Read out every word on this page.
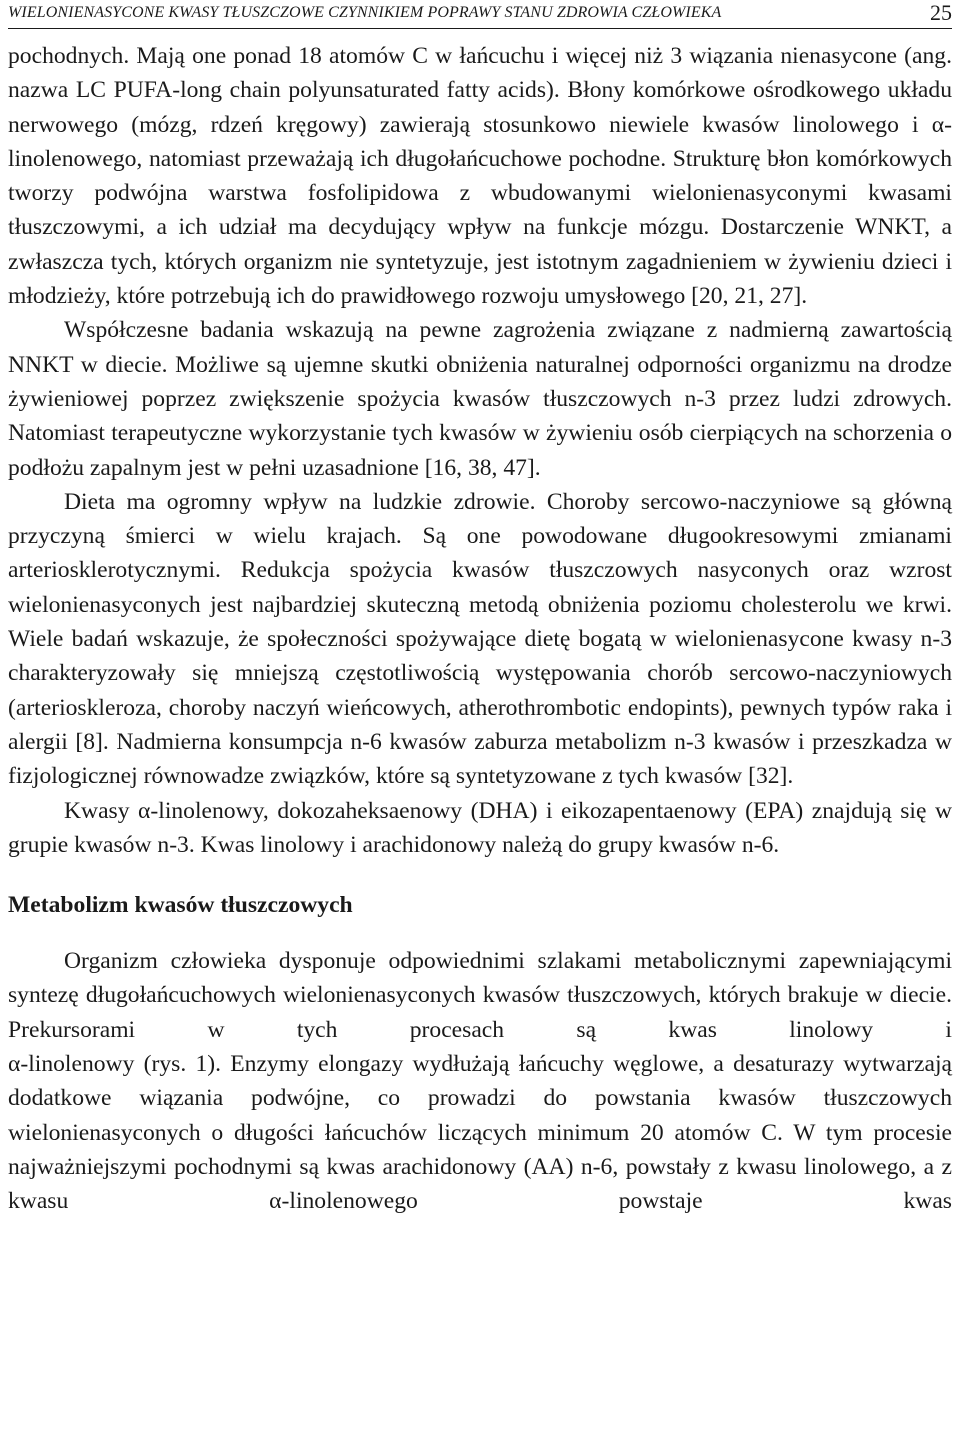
WIELONIENASYCONE KWASY TŁUSZCZOWE CZYNNIKIEM POPRAWY STANU ZDROWIA CZŁOWIEKA	25

pochodnych. Mają one ponad 18 atomów C w łańcuchu i więcej niż 3 wiązania nienasycone (ang. nazwa LC PUFA-long chain polyunsaturated fatty acids). Błony komórkowe ośrodkowego układu nerwowego (mózg, rdzeń kręgowy) zawierają stosunkowo niewiele kwasów linolowego i α-linolenowego, natomiast przeważają ich długołańcuchowe pochodne. Strukturę błon komórkowych tworzy podwójna warstwa fosfolipidowa z wbudowanymi wielonienasyconymi kwasami tłuszczowymi, a ich udział ma decydujący wpływ na funkcje mózgu. Dostarczenie WNKT, a zwłaszcza tych, których organizm nie syntetyzuje, jest istotnym zagadnieniem w żywieniu dzieci i młodzieży, które potrzebują ich do prawidłowego rozwoju umysłowego [20, 21, 27].

Współczesne badania wskazują na pewne zagrożenia związane z nadmierną zawartością NNKT w diecie. Możliwe są ujemne skutki obniżenia naturalnej odporności organizmu na drodze żywieniowej poprzez zwiększenie spożycia kwasów tłuszczowych n-3 przez ludzi zdrowych. Natomiast terapeutyczne wykorzystanie tych kwasów w żywieniu osób cierpiących na schorzenia o podłożu zapalnym jest w pełni uzasadnione [16, 38, 47].

Dieta ma ogromny wpływ na ludzkie zdrowie. Choroby sercowo-naczyniowe są główną przyczyną śmierci w wielu krajach. Są one powodowane długookresowymi zmianami arteriosklerotycznymi. Redukcja spożycia kwasów tłuszczowych nasyconych oraz wzrost wielonienasyconych jest najbardziej skuteczną metodą obniżenia poziomu cholesterolu we krwi. Wiele badań wskazuje, że społeczności spożywające dietę bogatą w wielonienasycone kwasy n-3 charakteryzowały się mniejszą częstotliwością występowania chorób sercowo-naczyniowych (arterioskleroza, choroby naczyń wieńcowych, atherothrombotic endopints), pewnych typów raka i alergii [8]. Nadmierna konsumpcja n-6 kwasów zaburza metabolizm n-3 kwasów i przeszkadza w fizjologicznej równowadze związków, które są syntetyzowane z tych kwasów [32].

Kwasy α-linolenowy, dokozaheksaenowy (DHA) i eikozapentaenowy (EPA) znajdują się w grupie kwasów n-3. Kwas linolowy i arachidonowy należą do grupy kwasów n-6.

Metabolizm kwasów tłuszczowych

Organizm człowieka dysponuje odpowiednimi szlakami metabolicznymi zapewniającymi syntezę długołańcuchowych wielonienasyconych kwasów tłuszczowych, których brakuje w diecie. Prekursorami w tych procesach są kwas linolowy i

α-linolenowy (rys. 1). Enzymy elongazy wydłużają łańcuchy węglowe, a desaturazy wytwarzają dodatkowe wiązania podwójne, co prowadzi do powstania kwasów tłuszczowych wielonienasyconych o długości łańcuchów liczących minimum 20 atomów C. W tym procesie najważniejszymi pochodnymi są kwas arachidonowy (AA) n-6, powstały z kwasu linolowego, a z kwasu α-linolenowego powstaje kwas
